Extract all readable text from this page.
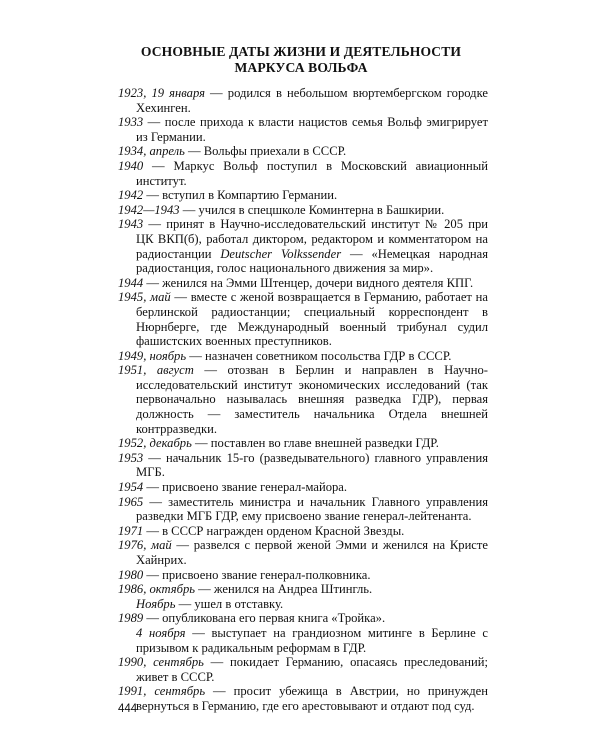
ОСНОВНЫЕ ДАТЫ ЖИЗНИ И ДЕЯТЕЛЬНОСТИ
МАРКУСА ВОЛЬФА

1923, 19 января — родился в небольшом вюртембергском городке Хехинген.

1933 — после прихода к власти нацистов семья Вольф эмигрирует из Германии.

1934, апрель — Вольфы приехали в СССР.

1940 — Маркус Вольф поступил в Московский авиационный институт.

1942 — вступил в Компартию Германии.

1942—1943 — учился в спецшколе Коминтерна в Башкирии.

1943 — принят в Научно-исследовательский институт № 205 при ЦК ВКП(б), работал диктором, редактором и комментатором на радиостанции Deutscher Volkssender — «Немецкая народная радиостанция, голос национального движения за мир».

1944 — женился на Эмми Штенцер, дочери видного деятеля КПГ.

1945, май — вместе с женой возвращается в Германию, работает на берлинской радиостанции; специальный корреспондент в Нюрнберге, где Международный военный трибунал судил фашистских военных преступников.

1949, ноябрь — назначен советником посольства ГДР в СССР.

1951, август — отозван в Берлин и направлен в Научно-исследовательский институт экономических исследований (так первоначально называлась внешняя разведка ГДР), первая должность — заместитель начальника Отдела внешней контрразведки.

1952, декабрь — поставлен во главе внешней разведки ГДР.

1953 — начальник 15-го (разведывательного) главного управления МГБ.

1954 — присвоено звание генерал-майора.

1965 — заместитель министра и начальник Главного управления разведки МГБ ГДР, ему присвоено звание генерал-лейтенанта.

1971 — в СССР награжден орденом Красной Звезды.

1976, май — развелся с первой женой Эмми и женился на Кристе Хайнрих.

1980 — присвоено звание генерал-полковника.

1986, октябрь — женился на Андреа Штингль.

Ноябрь — ушел в отставку.

1989 — опубликована его первая книга «Тройка».

4 ноября — выступает на грандиозном митинге в Берлине с призывом к радикальным реформам в ГДР.

1990, сентябрь — покидает Германию, опасаясь преследований; живет в СССР.

1991, сентябрь — просит убежища в Австрии, но принужден вернуться в Германию, где его арестовывают и отдают под суд.

444
